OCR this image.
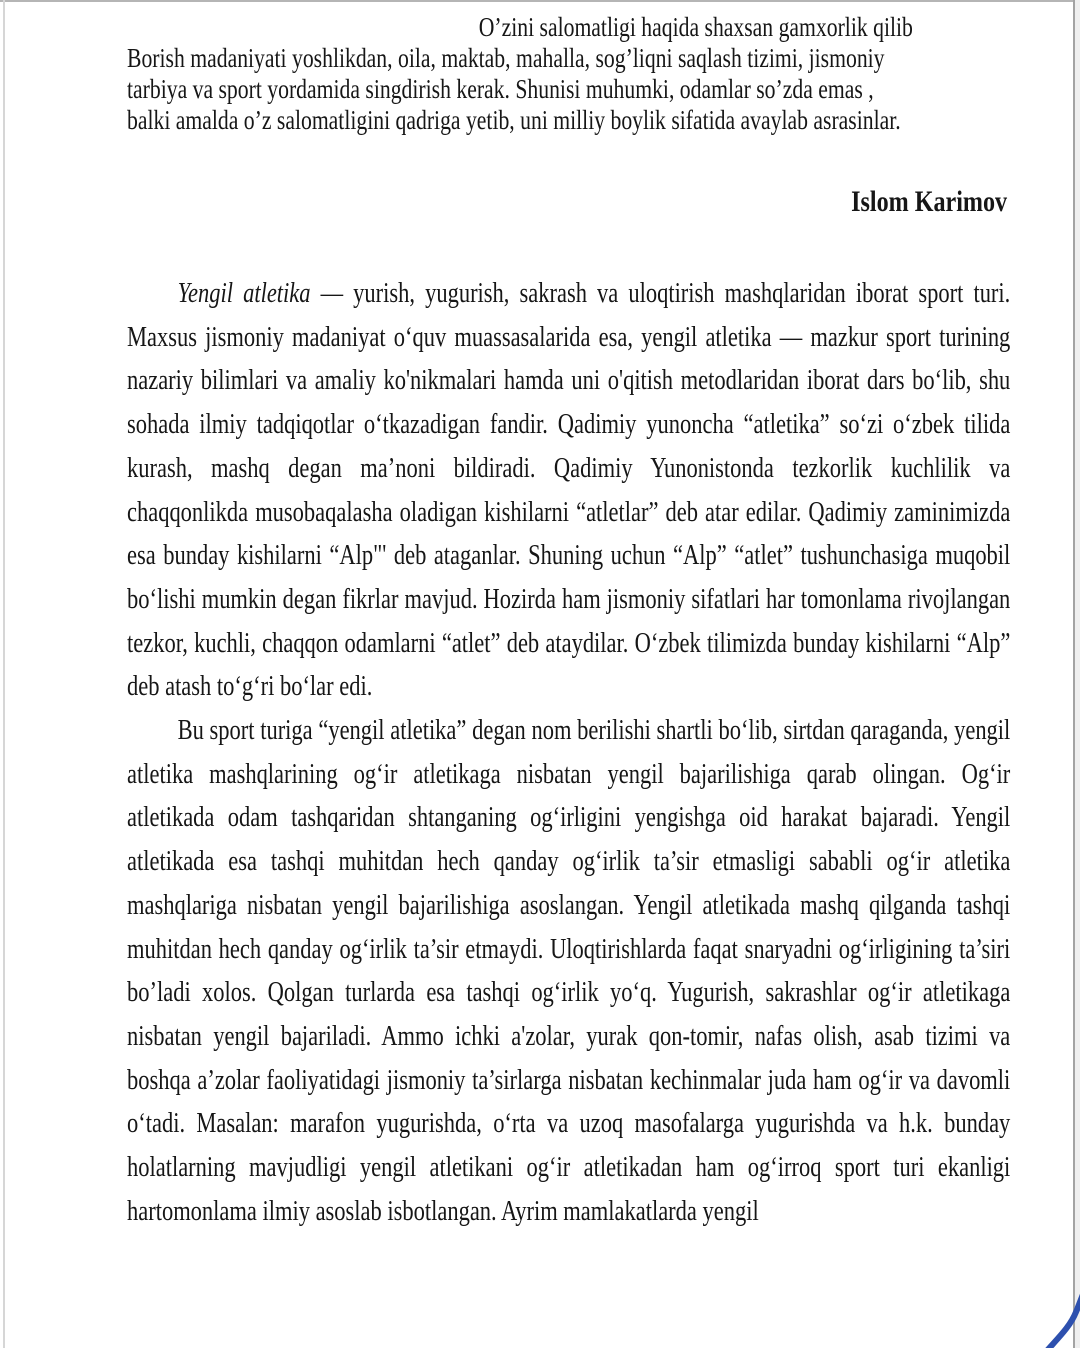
O’zini salomatligi haqida shaxsan gamxorlik qilib
Borish madaniyati yoshlikdan, oila, maktab, mahalla, sog’liqni saqlash tizimi, jismoniy
tarbiya va sport yordamida singdirish kerak. Shunisi muhumki, odamlar so’zda emas ,
balki amalda o’z salomatligini qadriga yetib, uni milliy boylik sifatida avaylab asrasinlar.
Islom Karimov

Yengil atletika — yurish, yugurish, sakrash va uloqtirish mashqlaridan iborat sport turi. Maxsus jismoniy madaniyat o‘quv muassasalarida esa, yengil atletika — mazkur sport turining nazariy bilimlari va amaliy ko'nikmalari hamda uni o'qitish metodlaridan iborat dars bo‘lib, shu sohada ilmiy tadqiqotlar o‘tkazadigan fandir. Qadimiy yunoncha “atletika” so‘zi o‘zbek tilida kurash, mashq degan ma’noni bildiradi. Qadimiy Yunonistonda tezkorlik kuchlilik va chaqqonlikda musobaqalasha oladigan kishilarni “atletlar” deb atar edilar. Qadimiy zaminimizda esa bunday kishilarni “Alp"' deb ataganlar. Shuning uchun “Alp” “atlet” tushunchasiga muqobil bo‘lishi mumkin degan fikrlar mavjud. Hozirda ham jismoniy sifatlari har tomonlama rivojlangan tezkor, kuchli, chaqqon odamlarni “atlet” deb ataydilar. O‘zbek tilimizda bunday kishilarni “Alp” deb atash to‘g‘ri bo‘lar edi.

Bu sport turiga “yengil atletika” degan nom berilishi shartli bo‘lib, sirtdan qaraganda, yengil atletika mashqlarining og‘ir atletikaga nisbatan yengil bajarilishiga qarab olingan. Og‘ir atletikada odam tashqaridan shtanganing og‘irligini yengishga oid harakat bajaradi. Yengil atletikada esa tashqi muhitdan hech qanday og‘irlik ta’sir etmasligi sababli og‘ir atletika mashqlariga nisbatan yengil bajarilishiga asoslangan. Yengil atletikada mashq qilganda tashqi muhitdan hech qanday og‘irlik ta’sir etmaydi. Uloqtirishlarda faqat snaryadni og‘irligining ta’siri bo’ladi xolos. Qolgan turlarda esa tashqi og‘irlik yo‘q. Yugurish, sakrashlar og‘ir atletikaga nisbatan yengil bajariladi. Ammo ichki a'zolar, yurak qon-tomir, nafas olish, asab tizimi va boshqa a’zolar faoliyatidagi jismoniy ta’sirlarga nisbatan kechinmalar juda ham og‘ir va davomli o‘tadi. Masalan: marafon yugurishda, o‘rta va uzoq masofalarga yugurishda va h.k. bunday holatlarning mavjudligi yengil atletikani og‘ir atletikadan ham og‘irroq sport turi ekanligi hartomonlama ilmiy asoslab isbotlangan. Ayrim mamlakatlarda yengil
